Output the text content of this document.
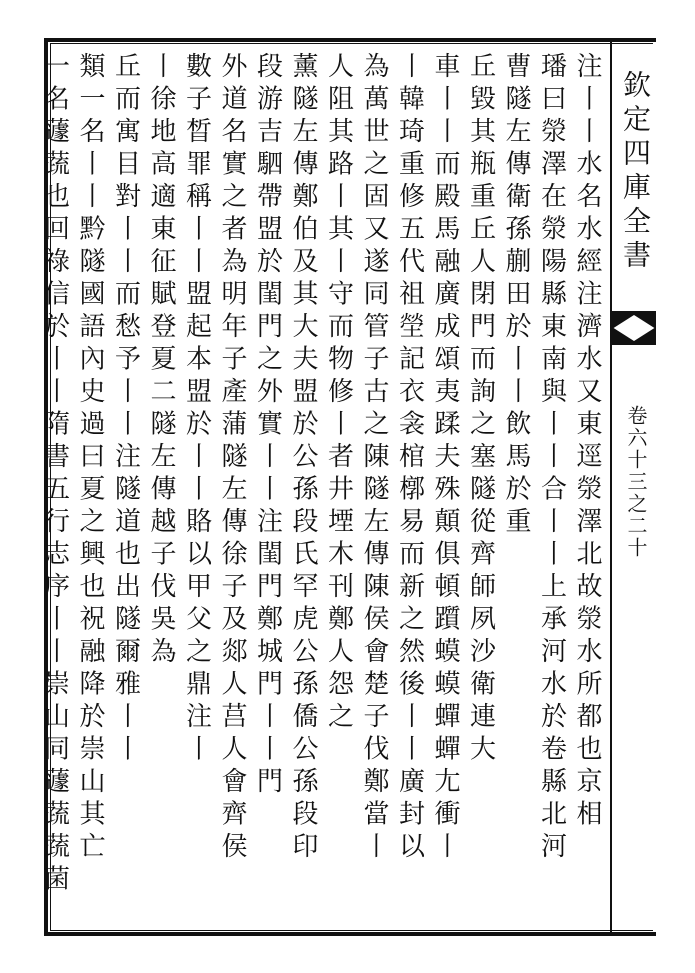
欽定四庫全書
卷六十三之二十
注丨丨水名水經注濟水又東逕滎澤北故滎水所都也京相
璠曰滎澤在滎陽縣東南與丨丨合丨丨上承河水於卷縣北河
曹隧左傳衛孫蒯田於丨丨飲馬於重
丘毀其瓶重丘人閉門而詢之塞隧從齊師夙沙衛連大
車丨丨而殿馬融廣成頌夷蹂夫殊顛俱頓躓蟆蟆蟬蟬尢衝丨
丨韓琦重修五代祖塋記衣衾棺槨易而新之然後丨丨廣封以
為萬世之固又遂同管子古之陳隧左傳陳侯會楚子伐鄭當丨
人阻其路丨其丨守而物修丨者井堙木刊鄭人怨之
薰隧左傳鄭伯及其大夫盟於公孫段氏罕虎公孫僑公孫段印
段游吉駟帶盟於閨門之外實丨丨注閨門鄭城門丨丨門
外道名實之者為明年子產蒲隧左傳徐子及郯人莒人會齊侯
數子晳罪稱丨丨盟起本盟於丨丨賂以甲父之鼎注丨
丨徐地高適東征賦登夏二隧左傳越子伐吳為
丘而寓目對丨丨而愁予丨丨注隧道也出隧爾雅丨丨
類一名丨丨黔隧國語內史過曰夏之興也祝融降於崇山其亡
一名蘧蔬也回祿信於丨丨隋書五行志序丨丨崇山同蘧蔬蔬菌
